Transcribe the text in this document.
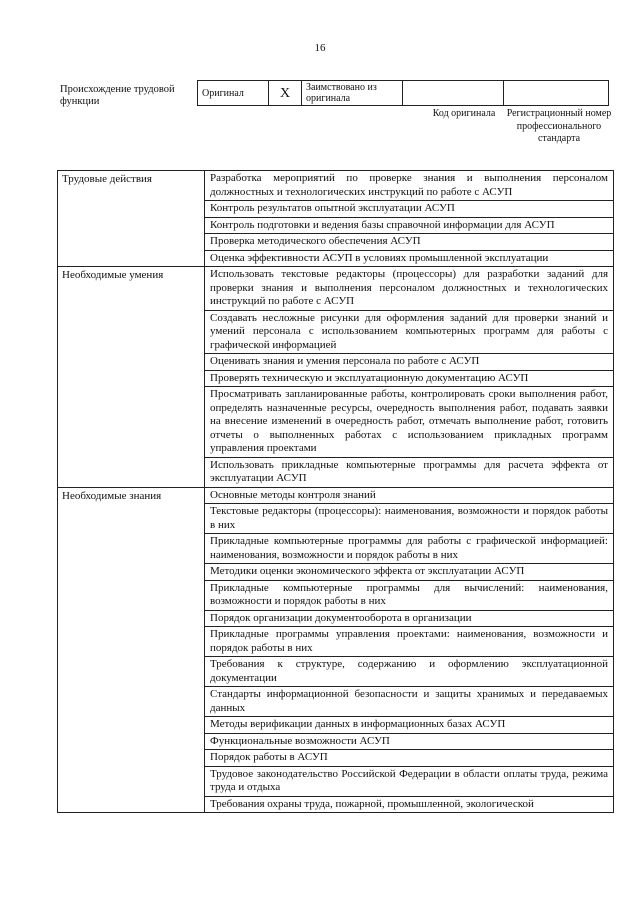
16
Происхождение трудовой функции
Оригинал	X	Заимствовано из оригинала		
Код оригинала	Регистрационный номер профессионального стандарта
Трудовые действия	Разработка мероприятий по проверке знания и выполнения персоналом должностных и технологических инструкций по работе с АСУП
	Контроль результатов опытной эксплуатации АСУП
	Контроль подготовки и ведения базы справочной информации для АСУП
	Проверка методического обеспечения АСУП
	Оценка эффективности АСУП в условиях промышленной эксплуатации
Необходимые умения	Использовать текстовые редакторы (процессоры) для разработки заданий для проверки знания и выполнения персоналом должностных и технологических инструкций по работе с АСУП
	Создавать несложные рисунки для оформления заданий для проверки знаний и умений персонала с использованием компьютерных программ для работы с графической информацией
	Оценивать знания и умения персонала по работе с АСУП
	Проверять техническую и эксплуатационную документацию АСУП
	Просматривать запланированные работы, контролировать сроки выполнения работ, определять назначенные ресурсы, очередность выполнения работ, подавать заявки на внесение изменений в очередность работ, отмечать выполнение работ, готовить отчеты о выполненных работах с использованием прикладных программ управления проектами
	Использовать прикладные компьютерные программы для расчета эффекта от эксплуатации АСУП
Необходимые знания	Основные методы контроля знаний
	Текстовые редакторы (процессоры): наименования, возможности и порядок работы в них
	Прикладные компьютерные программы для работы с графической информацией: наименования, возможности и порядок работы в них
	Методики оценки экономического эффекта от эксплуатации АСУП
	Прикладные компьютерные программы для вычислений: наименования, возможности и порядок работы в них
	Порядок организации документооборота в организации
	Прикладные программы управления проектами: наименования, возможности и порядок работы в них
	Требования к структуре, содержанию и оформлению эксплуатационной документации
	Стандарты информационной безопасности и защиты хранимых и передаваемых данных
	Методы верификации данных в информационных базах АСУП
	Функциональные возможности АСУП
	Порядок работы в АСУП
	Трудовое законодательство Российской Федерации в области оплаты труда, режима труда и отдыха
	Требования охраны труда, пожарной, промышленной, экологической
